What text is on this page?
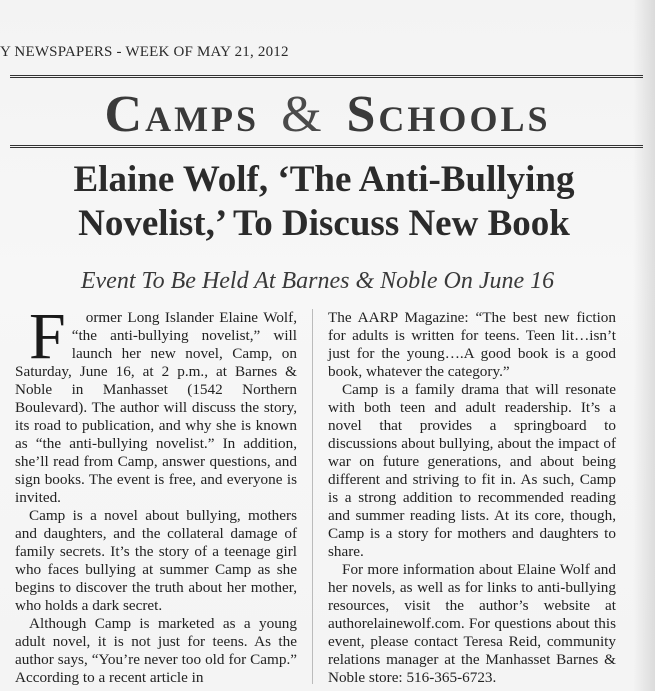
Y NEWSPAPERS - WEEK OF MAY 21, 2012
Camps & Schools
Elaine Wolf, ‘The Anti-Bullying
Novelist,’ To Discuss New Book
Event To Be Held At Barnes & Noble On June 16

F ormer Long Islander Elaine Wolf, “the anti-bullying novelist,” will launch her new novel, Camp, on Saturday, June 16, at 2 p.m., at Barnes & Noble in Manhasset (1542 Northern Boulevard). The author will discuss the story, its road to publication, and why she is known as “the anti-bullying novelist.” In addition, she’ll read from Camp, answer questions, and sign books. The event is free, and everyone is invited.

Camp is a novel about bullying, mothers and daughters, and the collateral damage of family secrets. It’s the story of a teenage girl who faces bullying at summer Camp as she begins to discover the truth about her mother, who holds a dark secret.

Although Camp is marketed as a young adult novel, it is not just for teens. As the author says, “You’re never too old for Camp.” According to a recent article in

The AARP Magazine: “The best new fiction for adults is written for teens. Teen lit…isn’t just for the young….A good book is a good book, whatever the category.”

Camp is a family drama that will resonate with both teen and adult readership. It’s a novel that provides a springboard to discussions about bullying, about the impact of war on future generations, and about being different and striving to fit in. As such, Camp is a strong addition to recommended reading and summer reading lists. At its core, though, Camp is a story for mothers and daughters to share.

For more information about Elaine Wolf and her novels, as well as for links to anti-bullying resources, visit the author’s website at authorelainewolf.com. For questions about this event, please contact Teresa Reid, community relations manager at the Manhasset Barnes & Noble store: 516-365-6723.
